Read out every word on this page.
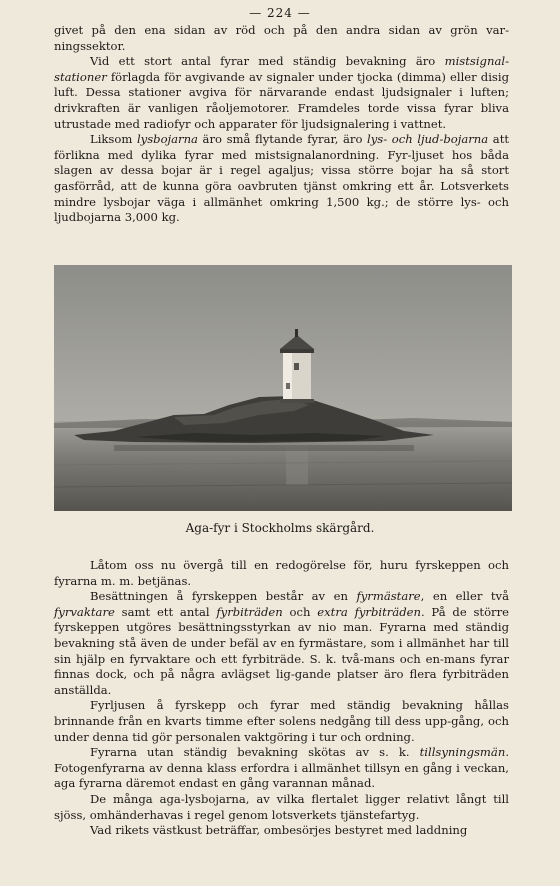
— 224 —

givet på den ena sidan av röd och på den andra sidan av grön var-ningssektor.

Vid ett stort antal fyrar med ständig bevakning äro mistsignal-stationer förlagda för avgivande av signaler under tjocka (dimma) eller disig luft. Dessa stationer avgiva för närvarande endast ljudsignaler i luften; drivkraften är vanligen råoljemotorer. Framdeles torde vissa fyrar bliva utrustade med radiofyr och apparater för ljudsignalering i vattnet.

Liksom lysbojarna äro små flytande fyrar, äro lys- och ljud-bojarna att förlikna med dylika fyrar med mistsignalanordning. Fyr-ljuset hos båda slagen av dessa bojar är i regel agaljus; vissa större bojar ha så stort gasförråd, att de kunna göra oavbruten tjänst omkring ett år. Lotsverkets mindre lysbojar väga i allmänhet omkring 1,500 kg.; de större lys- och ljudbojarna 3,000 kg.

Aga-fyr i Stockholms skärgård.

Låtom oss nu övergå till en redogörelse för, huru fyrskeppen och fyrarna m. m. betjänas.

Besättningen å fyrskeppen består av en fyrmästare, en eller två fyrvaktare samt ett antal fyrbiträden och extra fyrbiträden. På de större fyrskeppen utgöres besättningsstyrkan av nio man. Fyrarna med ständig bevakning stå även de under befäl av en fyrmästare, som i allmänhet har till sin hjälp en fyrvaktare och ett fyrbiträde. S. k. två-mans och en-mans fyrar finnas dock, och på några avlägset lig-gande platser äro flera fyrbiträden anställda.

Fyrljusen å fyrskepp och fyrar med ständig bevakning hållas brinnande från en kvarts timme efter solens nedgång till dess upp-gång, och under denna tid gör personalen vaktgöring i tur och ordning.

Fyrarna utan ständig bevakning skötas av s. k. tillsyningsmän. Fotogenfyrarna av denna klass erfordra i allmänhet tillsyn en gång i veckan, aga fyrarna däremot endast en gång varannan månad.

De många aga-lysbojarna, av vilka flertalet ligger relativt långt till sjöss, omhänderhavas i regel genom lotsverkets tjänstefartyg.

Vad rikets västkust beträffar, ombesörjes bestyret med laddning
